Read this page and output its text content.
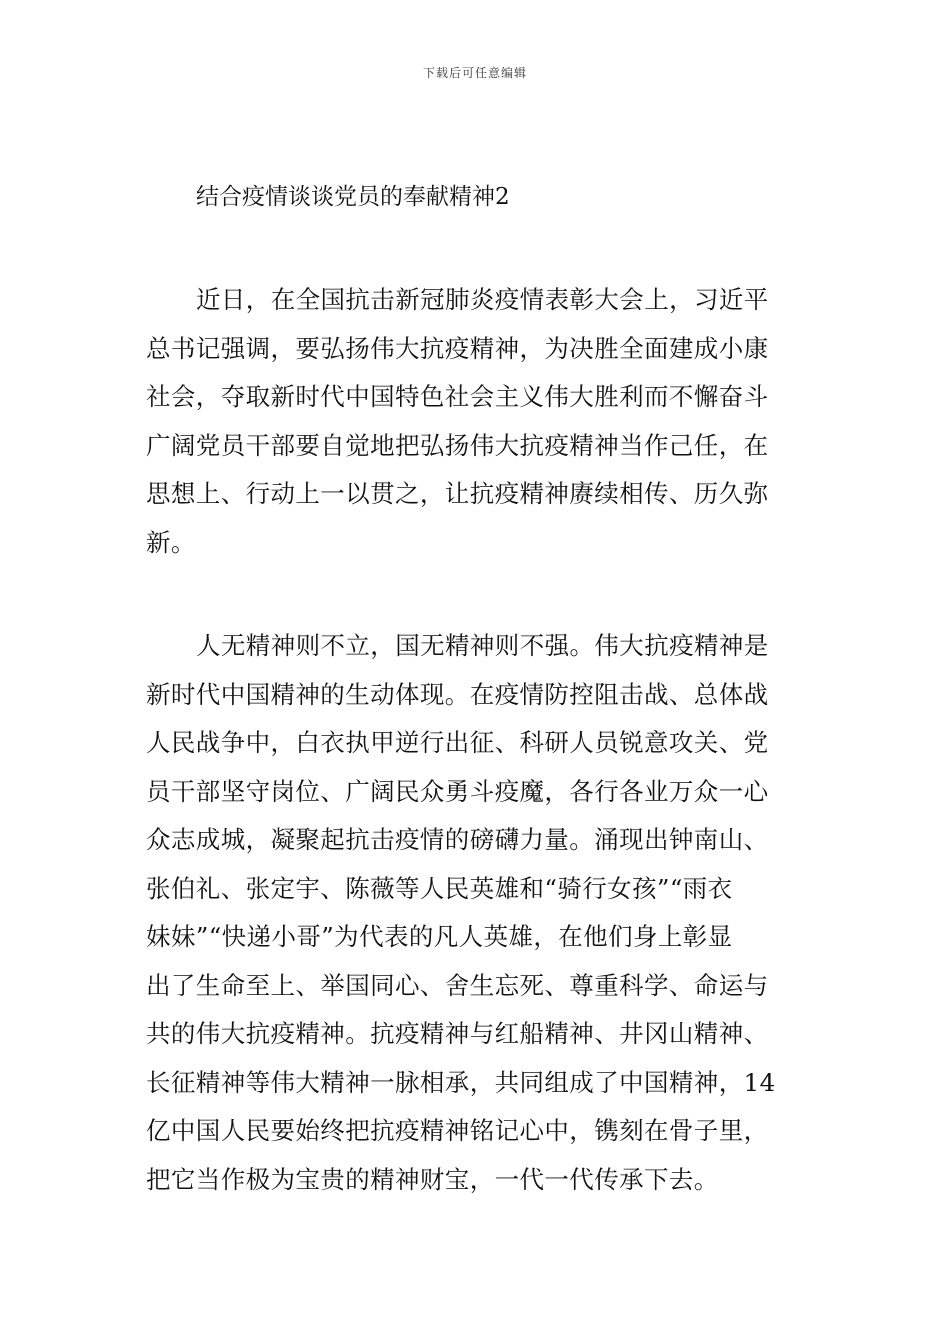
下载后可任意编辑
结合疫情谈谈党员的奉献精神2
近日，在全国抗击新冠肺炎疫情表彰大会上，习近平
总书记强调，要弘扬伟大抗疫精神，为决胜全面建成小康
社会，夺取新时代中国特色社会主义伟大胜利而不懈奋斗
广阔党员干部要自觉地把弘扬伟大抗疫精神当作己任，在
思想上、行动上一以贯之，让抗疫精神赓续相传、历久弥
新。
人无精神则不立，国无精神则不强。伟大抗疫精神是
新时代中国精神的生动体现。在疫情防控阻击战、总体战
人民战争中，白衣执甲逆行出征、科研人员锐意攻关、党
员干部坚守岗位、广阔民众勇斗疫魔，各行各业万众一心
众志成城，凝聚起抗击疫情的磅礴力量。涌现出钟南山、
张伯礼、张定宇、陈薇等人民英雄和“骑行女孩”“雨衣
妹妹”“快递小哥”为代表的凡人英雄，在他们身上彰显
出了生命至上、举国同心、舍生忘死、尊重科学、命运与
共的伟大抗疫精神。抗疫精神与红船精神、井冈山精神、
长征精神等伟大精神一脉相承，共同组成了中国精神，14
亿中国人民要始终把抗疫精神铭记心中，镌刻在骨子里，
把它当作极为宝贵的精神财宝，一代一代传承下去。
